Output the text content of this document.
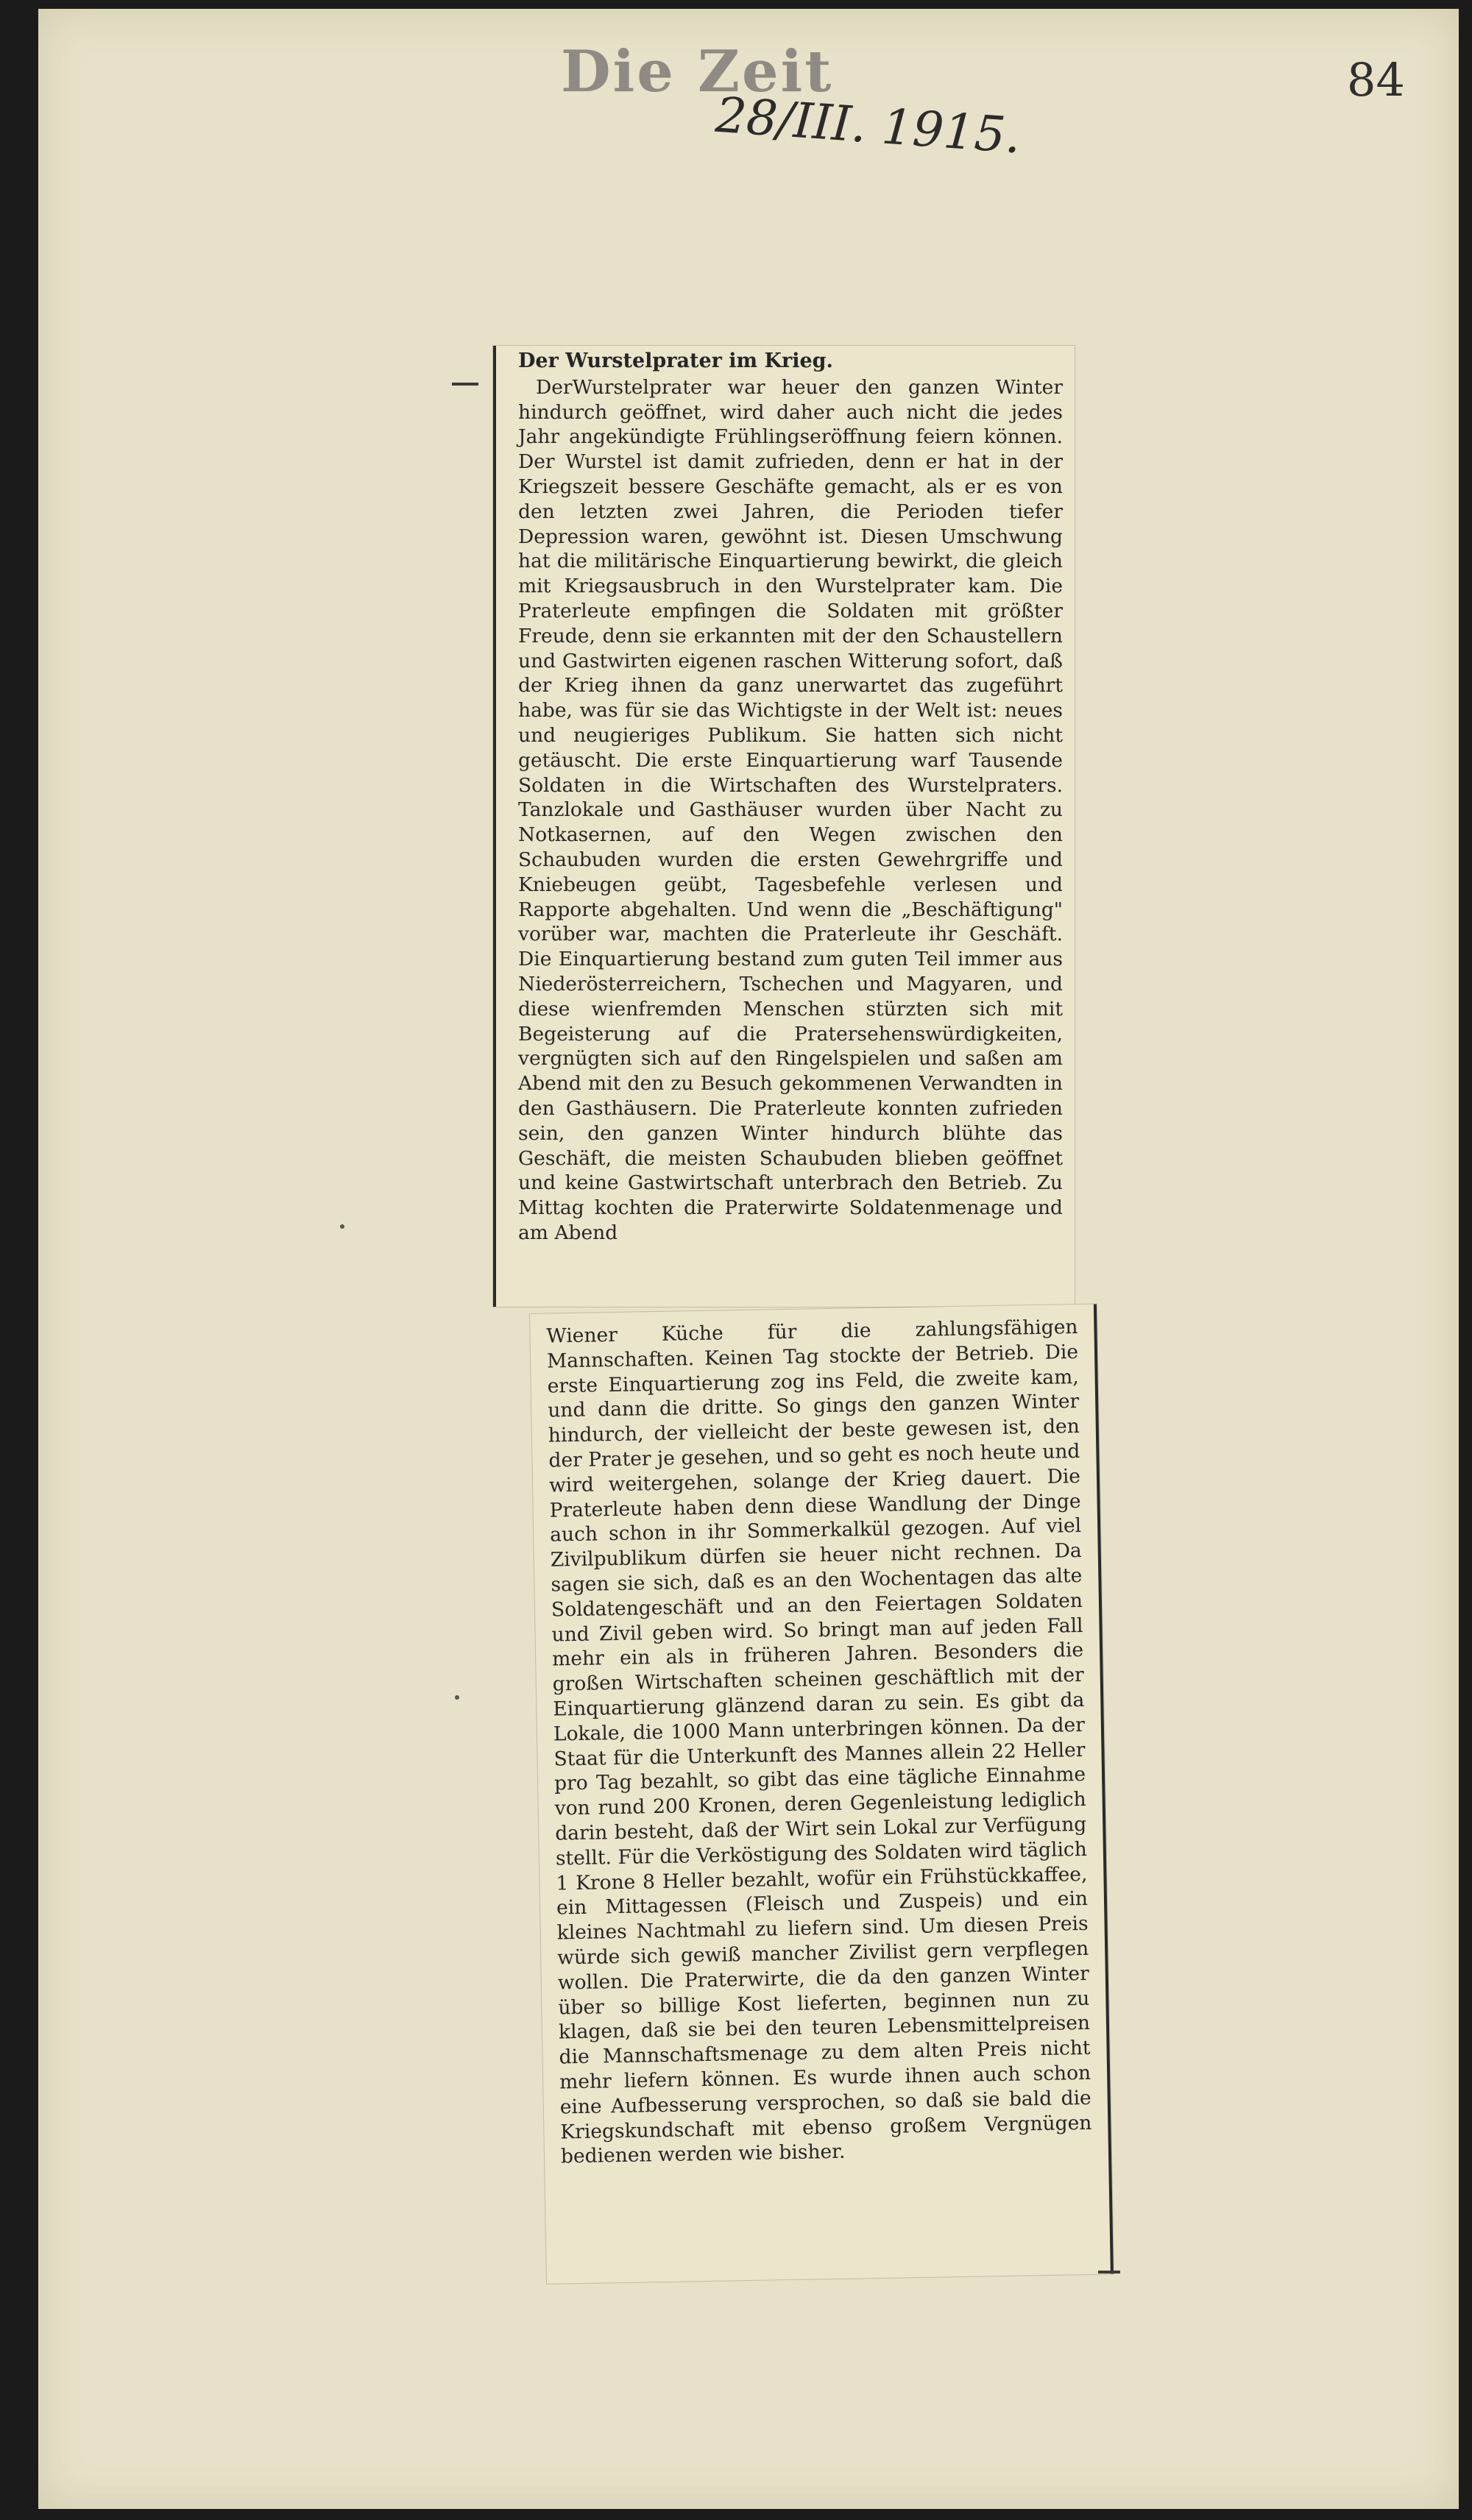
Die Zeit
28/III. 1915.
84

Der Wurstelprater im Krieg.

DerWurstelprater war heuer den ganzen Winter hindurch geöffnet, wird daher auch nicht die jedes Jahr angekündigte Frühlingseröffnung feiern können. Der Wurstel ist damit zufrieden, denn er hat in der Kriegszeit bessere Geschäfte gemacht, als er es von den letzten zwei Jahren, die Perioden tiefer Depression waren, gewöhnt ist. Diesen Umschwung hat die militärische Einquartierung bewirkt, die gleich mit Kriegsausbruch in den Wurstelprater kam. Die Praterleute empfingen die Soldaten mit größter Freude, denn sie erkannten mit der den Schaustellern und Gastwirten eigenen raschen Witterung sofort, daß der Krieg ihnen da ganz unerwartet das zugeführt habe, was für sie das Wichtigste in der Welt ist: neues und neugieriges Publikum. Sie hatten sich nicht getäuscht. Die erste Einquartierung warf Tausende Soldaten in die Wirtschaften des Wurstelpraters. Tanzlokale und Gasthäuser wurden über Nacht zu Notkasernen, auf den Wegen zwischen den Schaubuden wurden die ersten Gewehrgriffe und Kniebeugen geübt, Tagesbefehle verlesen und Rapporte abgehalten. Und wenn die „Beschäftigung" vorüber war, machten die Praterleute ihr Geschäft. Die Einquartierung bestand zum guten Teil immer aus Niederösterreichern, Tschechen und Magyaren, und diese wienfremden Menschen stürzten sich mit Begeisterung auf die Pratersehenswürdigkeiten, vergnügten sich auf den Ringelspielen und saßen am Abend mit den zu Besuch gekommenen Verwandten in den Gasthäusern. Die Praterleute konnten zufrieden sein, den ganzen Winter hindurch blühte das Geschäft, die meisten Schaubuden blieben geöffnet und keine Gastwirtschaft unterbrach den Betrieb. Zu Mittag kochten die Praterwirte Soldatenmenage und am Abend

Wiener Küche für die zahlungsfähigen Mannschaften. Keinen Tag stockte der Betrieb. Die erste Einquartierung zog ins Feld, die zweite kam, und dann die dritte. So gings den ganzen Winter hindurch, der vielleicht der beste gewesen ist, den der Prater je gesehen, und so geht es noch heute und wird weitergehen, solange der Krieg dauert. Die Praterleute haben denn diese Wandlung der Dinge auch schon in ihr Sommerkalkül gezogen. Auf viel Zivilpublikum dürfen sie heuer nicht rechnen. Da sagen sie sich, daß es an den Wochentagen das alte Soldatengeschäft und an den Feiertagen Soldaten und Zivil geben wird. So bringt man auf jeden Fall mehr ein als in früheren Jahren. Besonders die großen Wirtschaften scheinen geschäftlich mit der Einquartierung glänzend daran zu sein. Es gibt da Lokale, die 1000 Mann unterbringen können. Da der Staat für die Unterkunft des Mannes allein 22 Heller pro Tag bezahlt, so gibt das eine tägliche Einnahme von rund 200 Kronen, deren Gegenleistung lediglich darin besteht, daß der Wirt sein Lokal zur Verfügung stellt. Für die Verköstigung des Soldaten wird täglich 1 Krone 8 Heller bezahlt, wofür ein Frühstückkaffee, ein Mittagessen (Fleisch und Zuspeis) und ein kleines Nachtmahl zu liefern sind. Um diesen Preis würde sich gewiß mancher Zivilist gern verpflegen wollen. Die Praterwirte, die da den ganzen Winter über so billige Kost lieferten, beginnen nun zu klagen, daß sie bei den teuren Lebensmittelpreisen die Mannschaftsmenage zu dem alten Preis nicht mehr liefern können. Es wurde ihnen auch schon eine Aufbesserung versprochen, so daß sie bald die Kriegskundschaft mit ebenso großem Vergnügen bedienen werden wie bisher.
